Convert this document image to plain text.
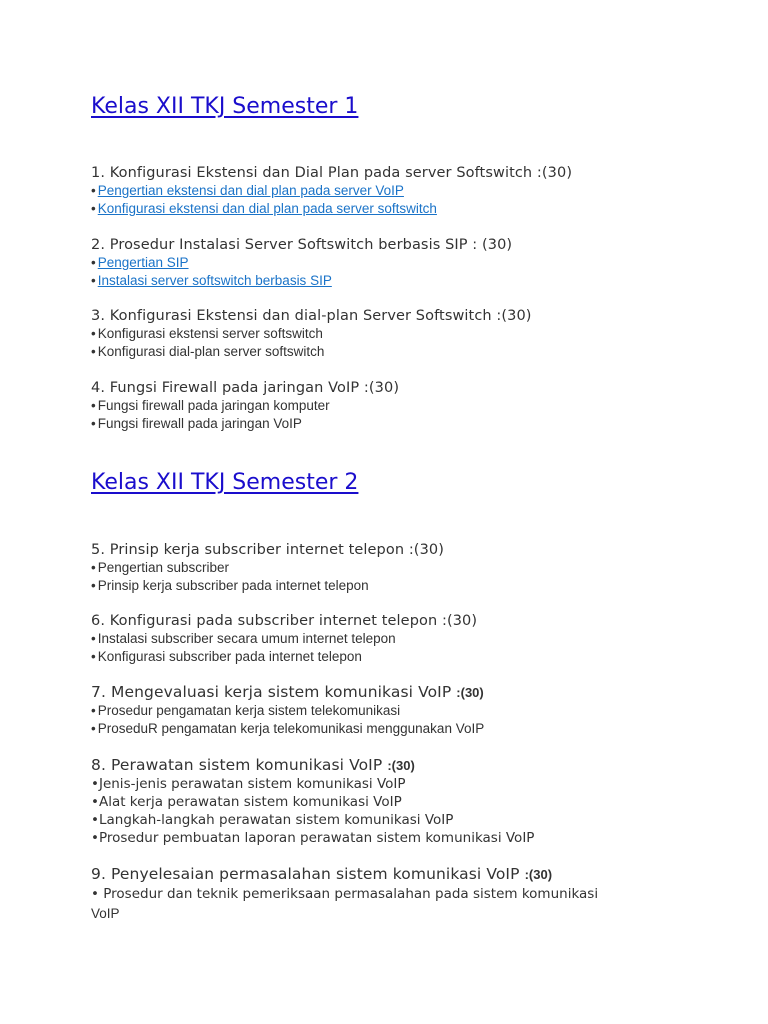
Kelas XII TKJ Semester 1

1. Konfigurasi Ekstensi dan Dial Plan pada server Softswitch :(30)

• Pengertian ekstensi dan dial plan pada server VoIP
• Konfigurasi ekstensi dan dial plan pada server softswitch

2. Prosedur Instalasi Server Softswitch berbasis SIP : (30)

• Pengertian SIP
• Instalasi server softswitch berbasis SIP

3. Konfigurasi Ekstensi dan dial-plan Server Softswitch :(30)

• Konfigurasi ekstensi server softswitch
• Konfigurasi dial-plan server softswitch

4. Fungsi Firewall pada jaringan VoIP :(30)

• Fungsi firewall pada jaringan komputer
• Fungsi firewall pada jaringan VoIP
Kelas XII TKJ Semester 2

5. Prinsip kerja subscriber internet telepon :(30)

• Pengertian subscriber
• Prinsip kerja subscriber pada internet telepon

6. Konfigurasi pada subscriber internet telepon :(30)

• Instalasi subscriber secara umum internet telepon
• Konfigurasi subscriber pada internet telepon

7. Mengevaluasi kerja sistem komunikasi VoIP :(30)

• Prosedur pengamatan kerja sistem telekomunikasi
• ProseduR pengamatan kerja telekomunikasi menggunakan VoIP

8. Perawatan sistem komunikasi VoIP :(30)

•Jenis-jenis perawatan sistem komunikasi VoIP
•Alat kerja perawatan sistem komunikasi VoIP
•Langkah-langkah perawatan sistem komunikasi VoIP
•Prosedur pembuatan laporan perawatan sistem komunikasi VoIP

9. Penyelesaian permasalahan sistem komunikasi VoIP :(30)

• Prosedur dan teknik pemeriksaan permasalahan pada sistem komunikasi
VoIP
